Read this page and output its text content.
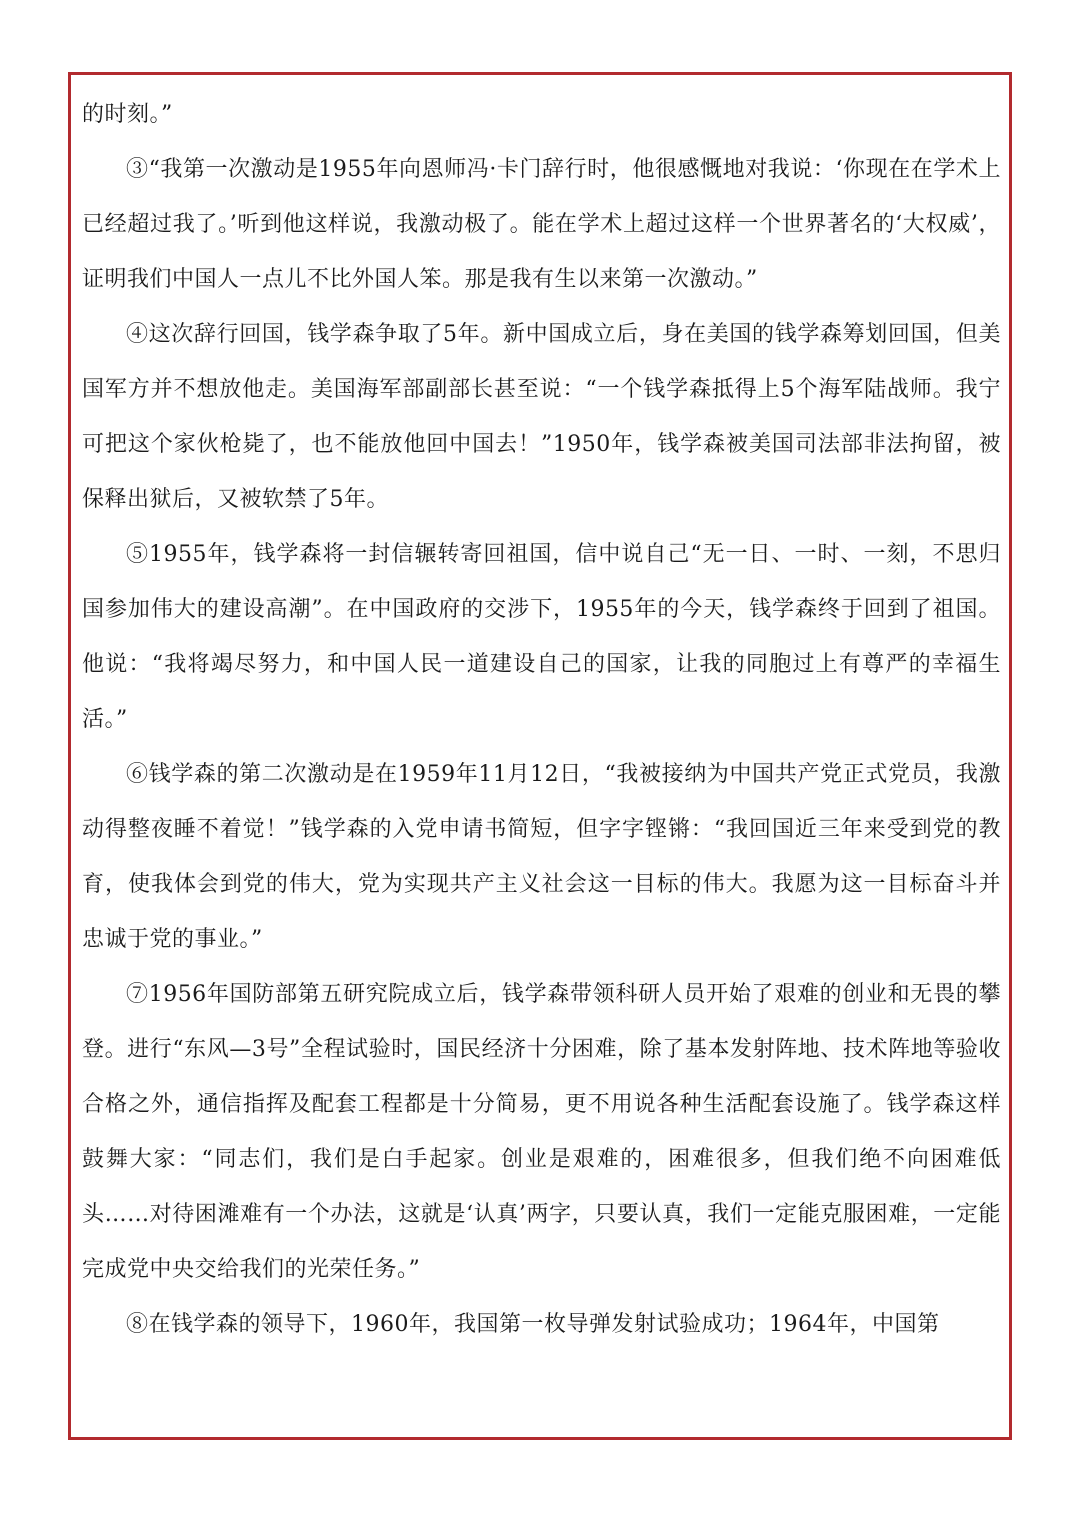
的时刻。”

③“我第一次激动是1955年向恩师冯·卡门辞行时，他很感慨地对我说：‘你现在在学术上已经超过我了。’听到他这样说，我激动极了。能在学术上超过这样一个世界著名的‘大权威’，证明我们中国人一点儿不比外国人笨。那是我有生以来第一次激动。”

④这次辞行回国，钱学森争取了5年。新中国成立后，身在美国的钱学森筹划回国，但美国军方并不想放他走。美国海军部副部长甚至说：“一个钱学森抵得上5个海军陆战师。我宁可把这个家伙枪毙了，也不能放他回中国去！”1950年，钱学森被美国司法部非法拘留，被保释出狱后，又被软禁了5年。

⑤1955年，钱学森将一封信辗转寄回祖国，信中说自己“无一日、一时、一刻，不思归国参加伟大的建设高潮”。在中国政府的交涉下，1955年的今天，钱学森终于回到了祖国。他说：“我将竭尽努力，和中国人民一道建设自己的国家，让我的同胞过上有尊严的幸福生活。”

⑥钱学森的第二次激动是在1959年11月12日，“我被接纳为中国共产党正式党员，我激动得整夜睡不着觉！”钱学森的入党申请书简短，但字字铿锵：“我回国近三年来受到党的教育，使我体会到党的伟大，党为实现共产主义社会这一目标的伟大。我愿为这一目标奋斗并忠诚于党的事业。”

⑦1956年国防部第五研究院成立后，钱学森带领科研人员开始了艰难的创业和无畏的攀登。进行“东风—3号”全程试验时，国民经济十分困难，除了基本发射阵地、技术阵地等验收合格之外，通信指挥及配套工程都是十分简易，更不用说各种生活配套设施了。钱学森这样鼓舞大家：“同志们，我们是白手起家。创业是艰难的，困难很多，但我们绝不向困难低头……对待困滩难有一个办法，这就是‘认真’两字，只要认真，我们一定能克服困难，一定能完成党中央交给我们的光荣任务。”

⑧在钱学森的领导下，1960年，我国第一枚导弹发射试验成功；1964年，中国第
